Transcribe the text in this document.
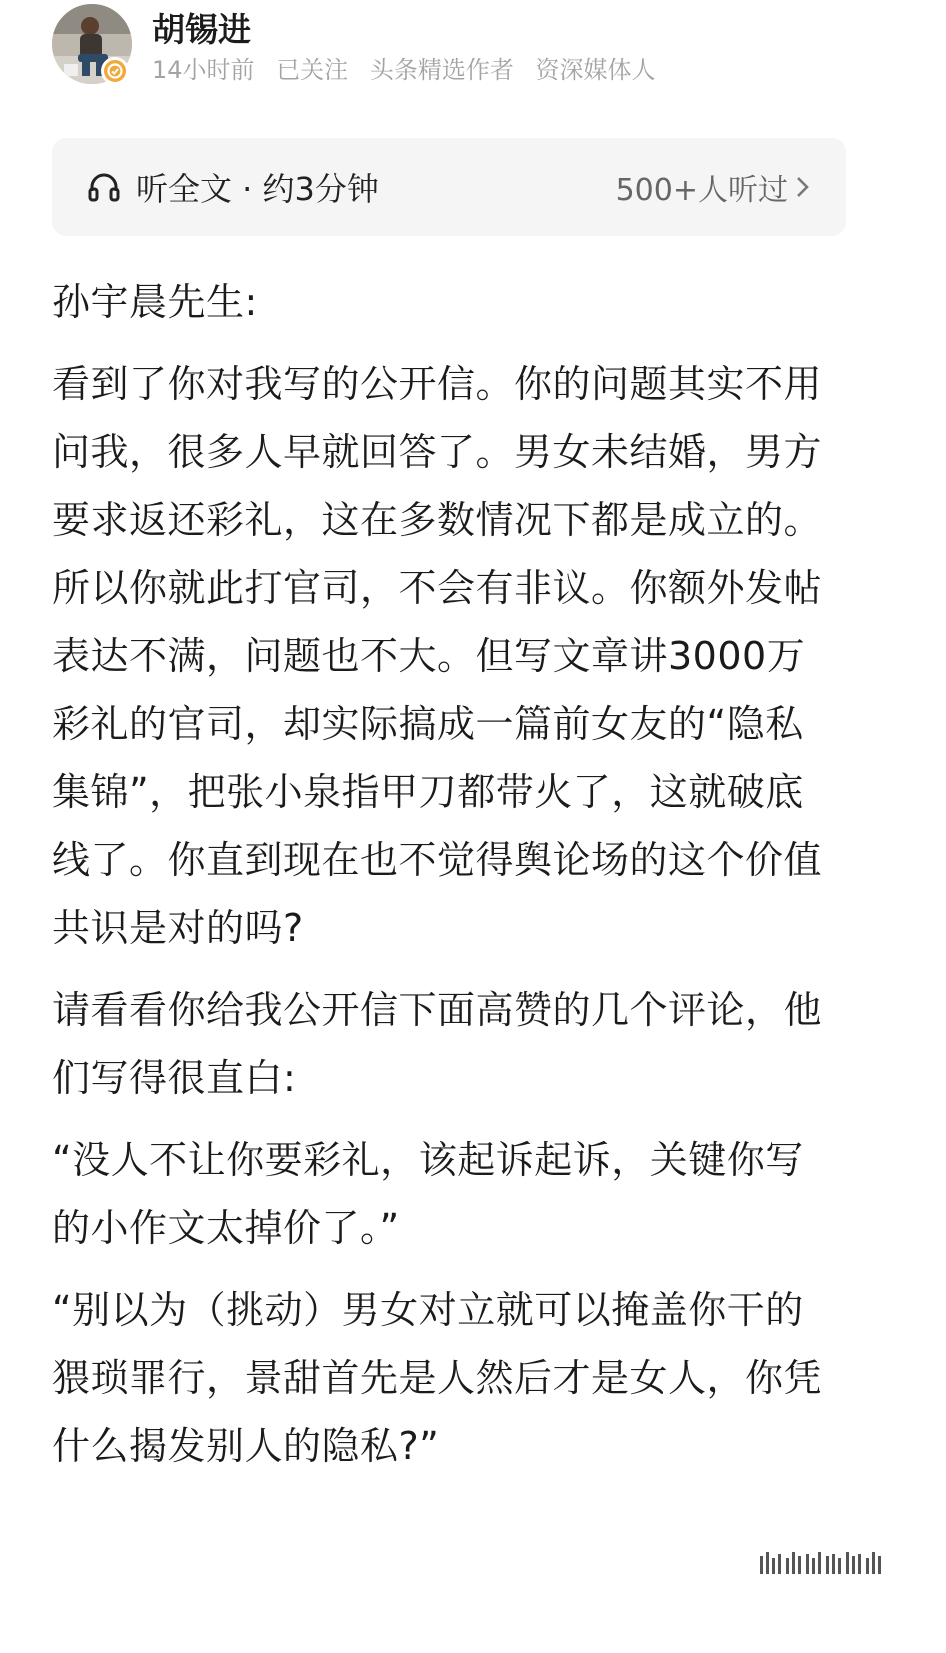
胡锡进
14小时前 已关注 头条精选作者 资深媒体人
听全文 · 约3分钟	500+人听过

孙宇晨先生:

看到了你对我写的公开信。你的问题其实不用问我，很多人早就回答了。男女未结婚，男方要求返还彩礼，这在多数情况下都是成立的。所以你就此打官司，不会有非议。你额外发帖表达不满，问题也不大。但写文章讲3000万彩礼的官司，却实际搞成一篇前女友的“隐私集锦”，把张小泉指甲刀都带火了，这就破底线了。你直到现在也不觉得舆论场的这个价值共识是对的吗?

请看看你给我公开信下面高赞的几个评论，他们写得很直白:

“没人不让你要彩礼，该起诉起诉，关键你写的小作文太掉价了。”

“别以为（挑动）男女对立就可以掩盖你干的猥琐罪行，景甜首先是人然后才是女人，你凭什么揭发别人的隐私?”
